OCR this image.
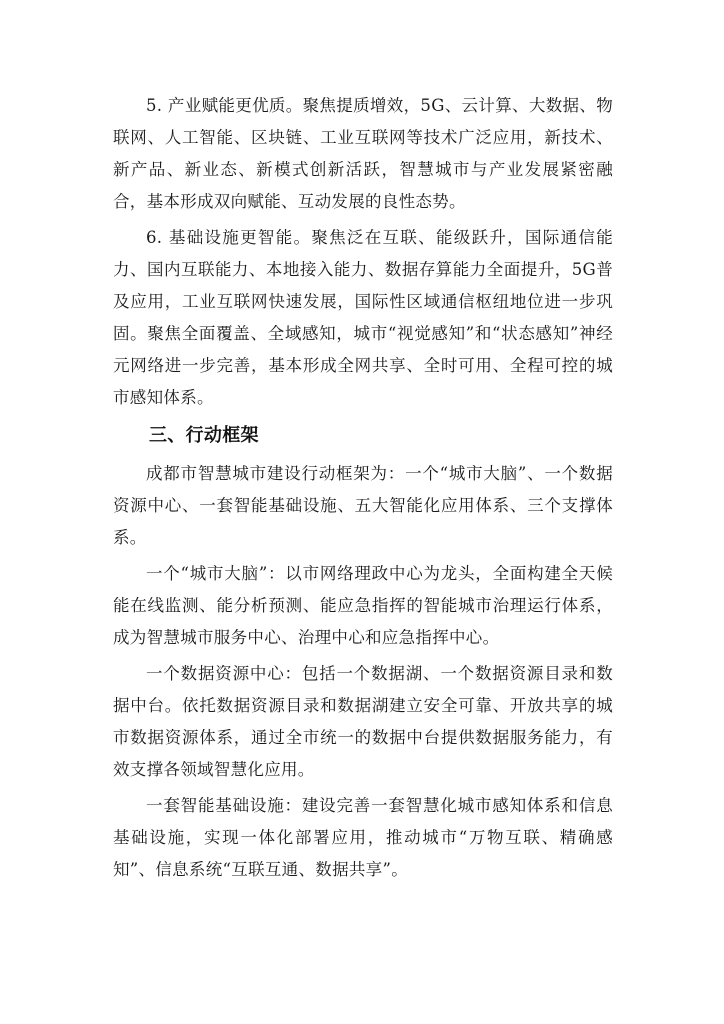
5. 产业赋能更优质。聚焦提质增效，5G、云计算、大数据、物联网、人工智能、区块链、工业互联网等技术广泛应用，新技术、新产品、新业态、新模式创新活跃，智慧城市与产业发展紧密融合，基本形成双向赋能、互动发展的良性态势。

6. 基础设施更智能。聚焦泛在互联、能级跃升，国际通信能力、国内互联能力、本地接入能力、数据存算能力全面提升，5G普及应用，工业互联网快速发展，国际性区域通信枢纽地位进一步巩固。聚焦全面覆盖、全域感知，城市“视觉感知”和“状态感知”神经元网络进一步完善，基本形成全网共享、全时可用、全程可控的城市感知体系。

三、行动框架

成都市智慧城市建设行动框架为：一个“城市大脑”、一个数据资源中心、一套智能基础设施、五大智能化应用体系、三个支撑体系。

一个“城市大脑”：以市网络理政中心为龙头，全面构建全天候能在线监测、能分析预测、能应急指挥的智能城市治理运行体系，成为智慧城市服务中心、治理中心和应急指挥中心。

一个数据资源中心：包括一个数据湖、一个数据资源目录和数据中台。依托数据资源目录和数据湖建立安全可靠、开放共享的城市数据资源体系，通过全市统一的数据中台提供数据服务能力，有效支撑各领域智慧化应用。

一套智能基础设施：建设完善一套智慧化城市感知体系和信息基础设施，实现一体化部署应用，推动城市“万物互联、精确感知”、信息系统“互联互通、数据共享”。
